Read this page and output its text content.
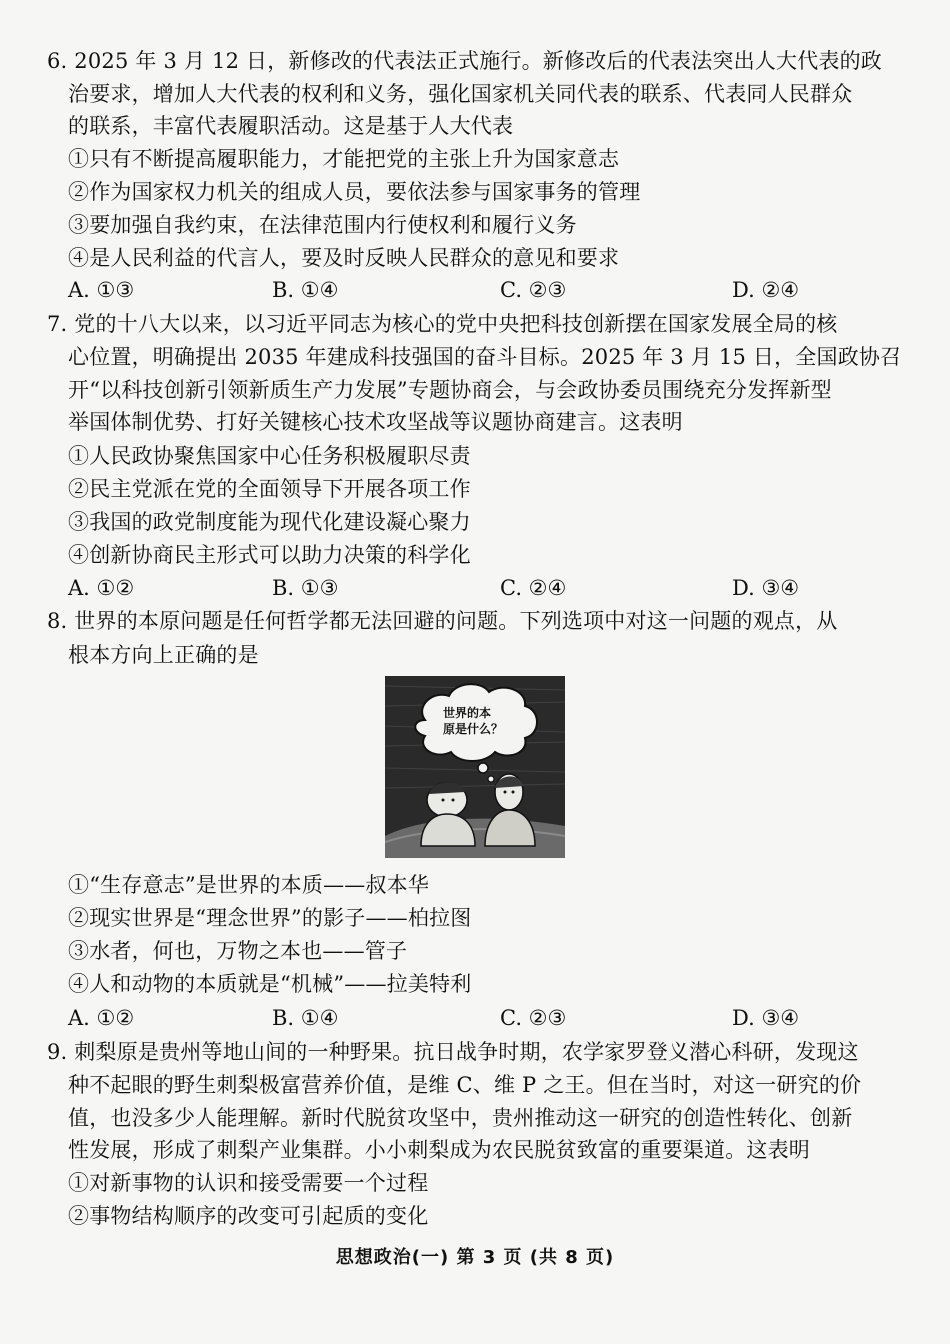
6. 2025 年 3 月 12 日，新修改的代表法正式施行。新修改后的代表法突出人大代表的政
治要求，增加人大代表的权利和义务，强化国家机关同代表的联系、代表同人民群众
的联系，丰富代表履职活动。这是基于人大代表
①只有不断提高履职能力，才能把党的主张上升为国家意志
②作为国家权力机关的组成人员，要依法参与国家事务的管理
③要加强自我约束，在法律范围内行使权利和履行义务
④是人民利益的代言人，要及时反映人民群众的意见和要求
A. ①③	B. ①④	C. ②③	D. ②④
7. 党的十八大以来，以习近平同志为核心的党中央把科技创新摆在国家发展全局的核
心位置，明确提出 2035 年建成科技强国的奋斗目标。2025 年 3 月 15 日，全国政协召
开“以科技创新引领新质生产力发展”专题协商会，与会政协委员围绕充分发挥新型
举国体制优势、打好关键核心技术攻坚战等议题协商建言。这表明
①人民政协聚焦国家中心任务积极履职尽责
②民主党派在党的全面领导下开展各项工作
③我国的政党制度能为现代化建设凝心聚力
④创新协商民主形式可以助力决策的科学化
A. ①②	B. ①③	C. ②④	D. ③④
8. 世界的本原问题是任何哲学都无法回避的问题。下列选项中对这一问题的观点，从
根本方向上正确的是
世界的本
原是什么？
①“生存意志”是世界的本质——叔本华
②现实世界是“理念世界”的影子——柏拉图
③水者，何也，万物之本也——管子
④人和动物的本质就是“机械”——拉美特利
A. ①②	B. ①④	C. ②③	D. ③④
9. 刺梨原是贵州等地山间的一种野果。抗日战争时期，农学家罗登义潜心科研，发现这
种不起眼的野生刺梨极富营养价值，是维 C、维 P 之王。但在当时，对这一研究的价
值，也没多少人能理解。新时代脱贫攻坚中，贵州推动这一研究的创造性转化、创新
性发展，形成了刺梨产业集群。小小刺梨成为农民脱贫致富的重要渠道。这表明
①对新事物的认识和接受需要一个过程
②事物结构顺序的改变可引起质的变化
思想政治(一) 第 3 页 (共 8 页)
